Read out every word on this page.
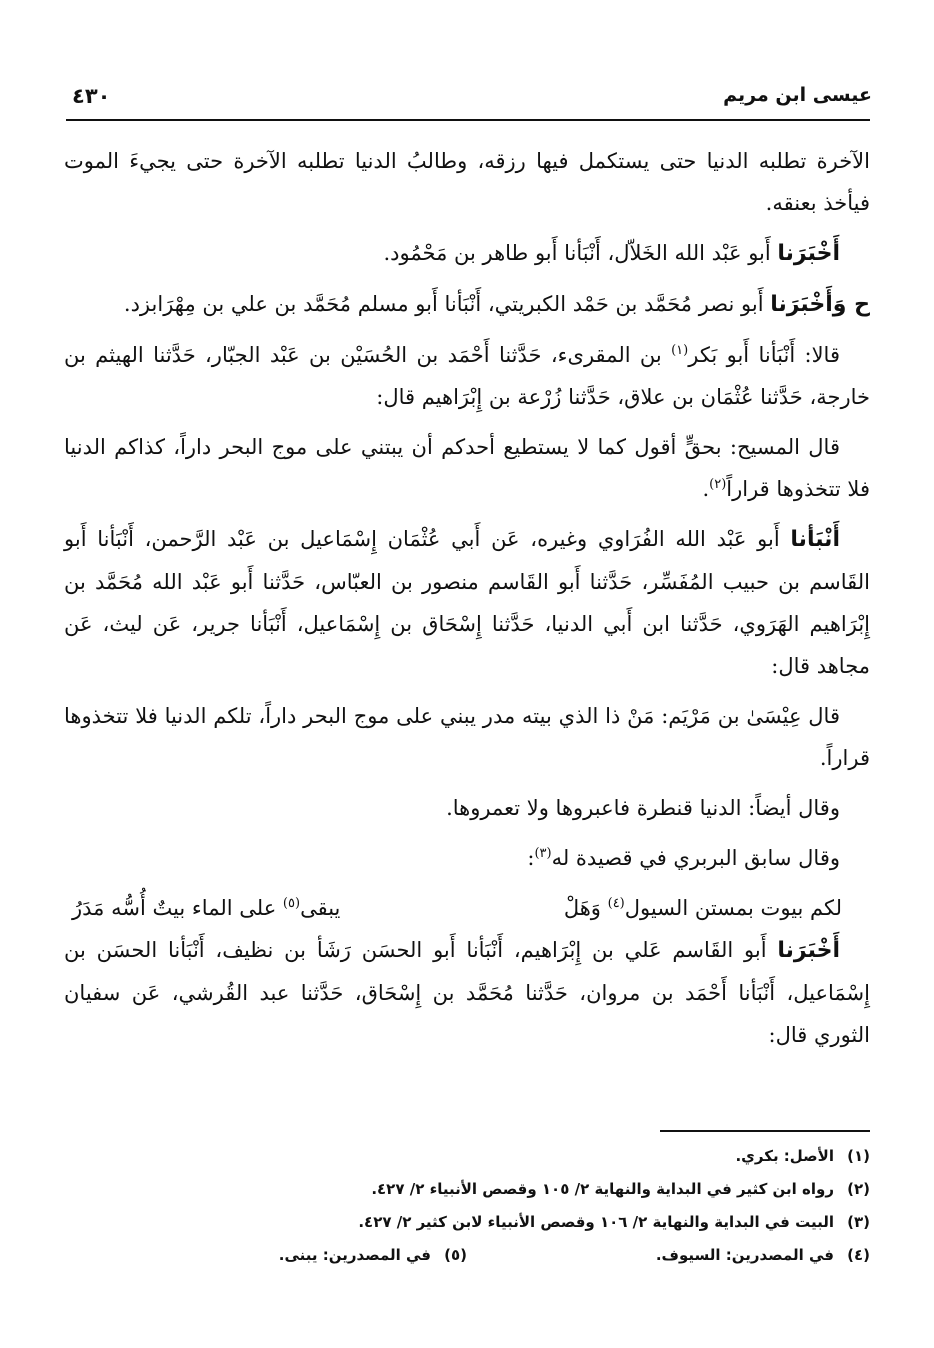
عيسى ابن مريم
٤٣٠

الآخرة تطلبه الدنيا حتى يستكمل فيها رزقه، وطالبُ الدنيا تطلبه الآخرة حتى يجيءَ الموت فيأخذ بعنقه.

أَخْبَرَنا أَبو عَبْد الله الخَلاّل، أَنْبَأنا أَبو طاهر بن مَحْمُود.

ح وَأَخْبَرَنا أَبو نصر مُحَمَّد بن حَمْد الكبريتي، أَنْبَأنا أَبو مسلم مُحَمَّد بن علي بن مِهْرَابزد.

قالا: أَنْبَأنا أَبو بَكر$^{(١)}$ بن المقرىء، حَدَّثنا أَحْمَد بن الحُسَيْن بن عَبْد الجبّار، حَدَّثنا الهيثم بن خارجة، حَدَّثنا عُثْمَان بن علاق، حَدَّثنا زُرْعة بن إِبْرَاهيم قال:

قال المسيح: بحقٍّ أقول كما لا يستطيع أحدكم أن يبتني على موج البحر داراً، كذاكم الدنيا فلا تتخذوها قراراً$^{(٢)}$.

أَنْبَأنا أَبو عَبْد الله الفُرَاوي وغيره، عَن أَبي عُثْمَان إِسْمَاعيل بن عَبْد الرَّحمن، أَنْبَأنا أَبو القَاسم بن حبيب المُفَسِّر، حَدَّثنا أَبو القَاسم منصور بن العبّاس، حَدَّثنا أَبو عَبْد الله مُحَمَّد بن إِبْرَاهيم الهَرَوي، حَدَّثنا ابن أَبي الدنيا، حَدَّثنا إِسْحَاق بن إِسْمَاعيل، أَنْبَأنا جرير، عَن ليث، عَن مجاهد قال:

قال عِيْسَىٰ بن مَرْيَم: مَنْ ذا الذي بيته مدر يبني على موج البحر داراً، تلكم الدنيا فلا تتخذوها قراراً.

وقال أيضاً: الدنيا قنطرة فاعبروها ولا تعمروها.

وقال سابق البربري في قصيدة له$^{(٣)}$:

لكم بيوت بمستن السيول$^{(٤)}$ وَهَلْ
يبقى$^{(٥)}$ على الماء بيتٌ أُسُّه مَدَرُ

أَخْبَرَنا أَبو القَاسم عَلي بن إِبْرَاهيم، أَنْبَأنا أَبو الحسَن رَشَأ بن نظيف، أَنْبَأنا الحسَن بن إِسْمَاعيل، أَنْبَأنا أَحْمَد بن مروان، حَدَّثنا مُحَمَّد بن إِسْحَاق، حَدَّثنا عبد القُرشي، عَن سفيان الثوري قال:

(١)
الأصل: بكري.
(٢)
رواه ابن كثير في البداية والنهاية ٢/ ١٠٥ وقصص الأنبياء ٢/ ٤٢٧.
(٣)
البيت في البداية والنهاية ٢/ ١٠٦ وقصص الأنبياء لابن كثير ٢/ ٤٢٧.
(٤)
في المصدرين: السيوف.
(٥)
في المصدرين: يبنى.
